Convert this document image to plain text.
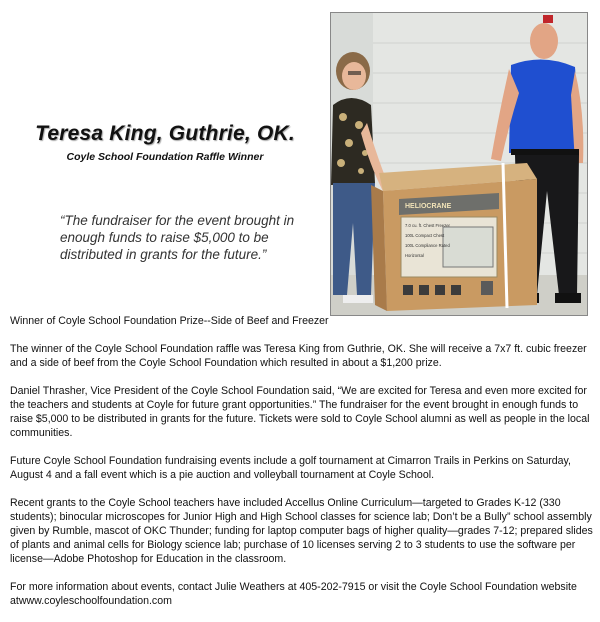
Teresa King, Guthrie, OK.
Coyle School Foundation Raffle Winner

“The fundraiser for the event brought in enough funds to raise $5,000 to be distributed in grants for the future.”

HELIOCRANE
7.0 cu. ft. Chest Freezer 100L Compact Chest 100L Compliance Rated Horizontal

Winner of Coyle School Foundation Prize--Side of Beef and Freezer

The winner of the Coyle School Foundation raffle was Teresa King from Guthrie, OK. She will receive a 7x7 ft. cubic freezer and a side of beef from the Coyle School Foundation which resulted in about a $1,200 prize.

Daniel Thrasher, Vice President of the Coyle School Foundation said, “We are excited for Teresa and even more excited for the teachers and students at Coyle for future grant opportunities.” The fundraiser for the event brought in enough funds to raise $5,000 to be distributed in grants for the future. Tickets were sold to Coyle School alumni as well as people in the local communities.

Future Coyle School Foundation fundraising events include a golf tournament at Cimarron Trails in Perkins on Saturday, August 4 and a fall event which is a pie auction and volleyball tournament at Coyle School.

Recent grants to the Coyle School teachers have included Accellus Online Curriculum—targeted to Grades K-12 (330 students); binocular microscopes for Junior High and High School classes for science lab; Don’t be a Bully” school assembly given by Rumble, mascot of OKC Thunder; funding for laptop computer bags of higher quality—grades 7-12; prepared slides of plants and animal cells for Biology science lab; purchase of 10 licenses serving 2 to 3 students to use the software per license—Adobe Photoshop for Education in the classroom.

For more information about events, contact Julie Weathers at 405-202-7915 or visit the Coyle School Foundation website atwww.coyleschoolfoundation.com
